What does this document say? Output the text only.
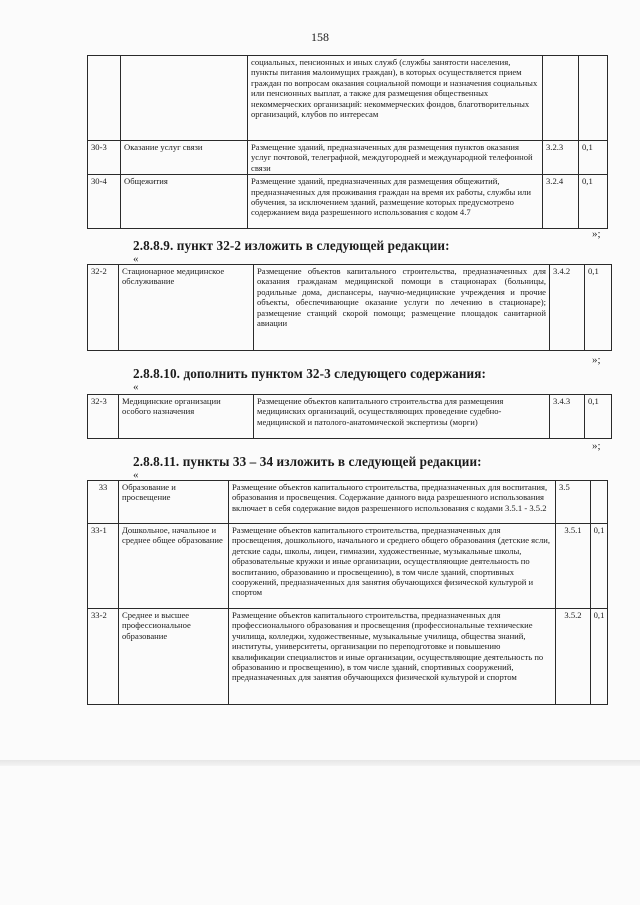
158
		социальных, пенсионных и иных служб (службы занятости населения, пункты питания малоимущих граждан), в которых осуществляется прием граждан по вопросам оказания социальной помощи и назначения социальных или пенсионных выплат, а также для размещения общественных некоммерческих организаций: некоммерческих фондов, благотворительных организаций, клубов по интересам		
30-3	Оказание услуг связи	Размещение зданий, предназначенных для размещения пунктов оказания услуг почтовой, телеграфной, междугородней и международной телефонной связи	3.2.3	0,1
30-4	Общежития	Размещение зданий, предназначенных для размещения общежитий, предназначенных для проживания граждан на время их работы, службы или обучения, за исключением зданий, размещение которых предусмотрено содержанием вида разрешенного использования с кодом 4.7	3.2.4	0,1
»;
2.8.8.9. пункт 32-2 изложить в следующей редакции:
«
32-2	Стационарное медицинское обслуживание	Размещение объектов капитального строительства, предназначенных для оказания гражданам медицинской помощи в стационарах (больницы, родильные дома, диспансеры, научно-медицинские учреждения и прочие объекты, обеспечивающие оказание услуги по лечению в стационаре); размещение станций скорой помощи; размещение площадок санитарной авиации	3.4.2	0,1
»;
2.8.8.10. дополнить пунктом 32-3 следующего содержания:
«
32-3	Медицинские организации особого назначения	Размещение объектов капитального строительства для размещения медицинских организаций, осуществляющих проведение судебно-медицинской и патолого-анатомической экспертизы (морги)	3.4.3	0,1
»;
2.8.8.11. пункты 33 – 34 изложить в следующей редакции:
«
33	Образование и просвещение	Размещение объектов капитального строительства, предназначенных для воспитания, образования и просвещения. Содержание данного вида разрешенного использования включает в себя содержание видов разрешенного использования с кодами 3.5.1 - 3.5.2	3.5	
33-1	Дошкольное, начальное и среднее общее образование	Размещение объектов капитального строительства, предназначенных для просвещения, дошкольного, начального и среднего общего образования (детские ясли, детские сады, школы, лицеи, гимназии, художественные, музыкальные школы, образовательные кружки и иные организации, осуществляющие деятельность по воспитанию, образованию и просвещению), в том числе зданий, спортивных сооружений, предназначенных для занятия обучающихся физической культурой и спортом	3.5.1	0,1
33-2	Среднее и высшее профессиональное образование	Размещение объектов капитального строительства, предназначенных для профессионального образования и просвещения (профессиональные технические училища, колледжи, художественные, музыкальные училища, общества знаний, институты, университеты, организации по переподготовке и повышению квалификации специалистов и иные организации, осуществляющие деятельность по образованию и просвещению), в том числе зданий, спортивных сооружений, предназначенных для занятия обучающихся физической культурой и спортом	3.5.2	0,1
